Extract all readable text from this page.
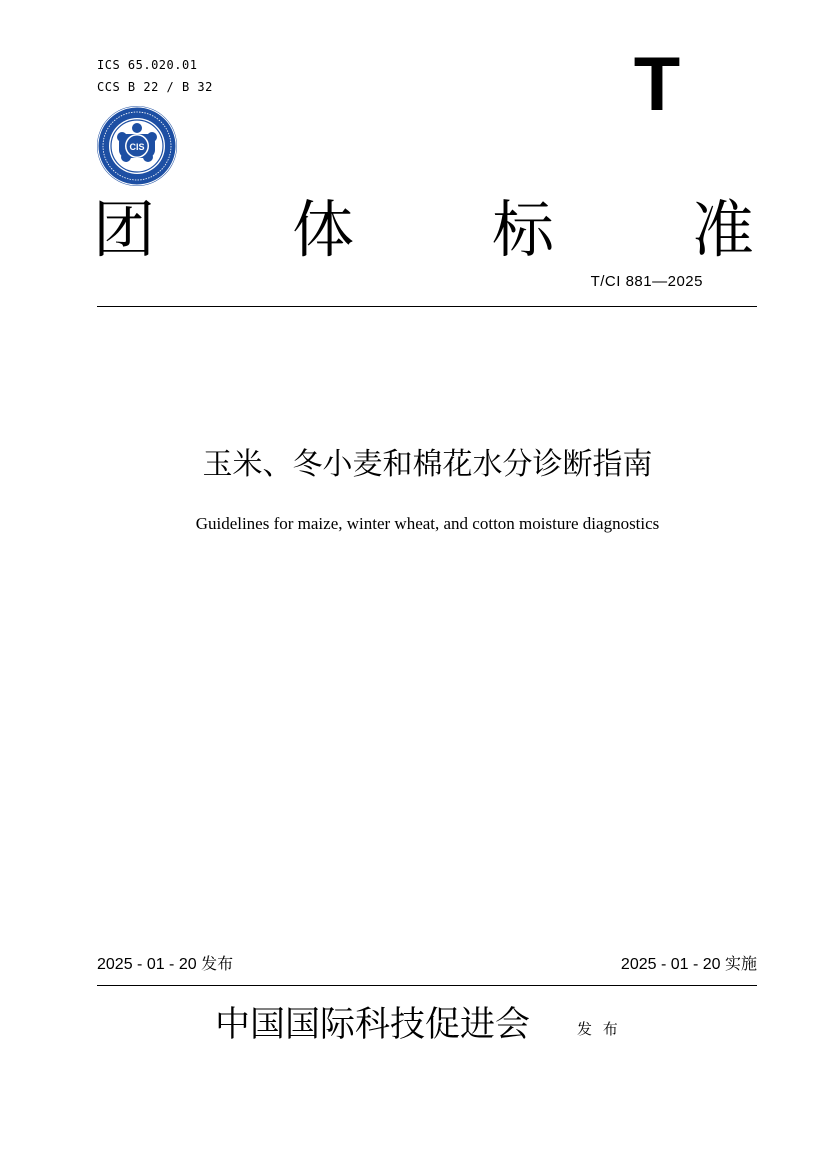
ICS 65.020.01
CCS B 22 / B 32	T
CIS
团 体 标 准
T/CI 881—2025
玉米、冬小麦和棉花水分诊断指南
Guidelines for maize, winter wheat, and cotton moisture diagnostics
2025 - 01 - 20 发布	2025 - 01 - 20 实施
中国国际科技促进会	发 布
